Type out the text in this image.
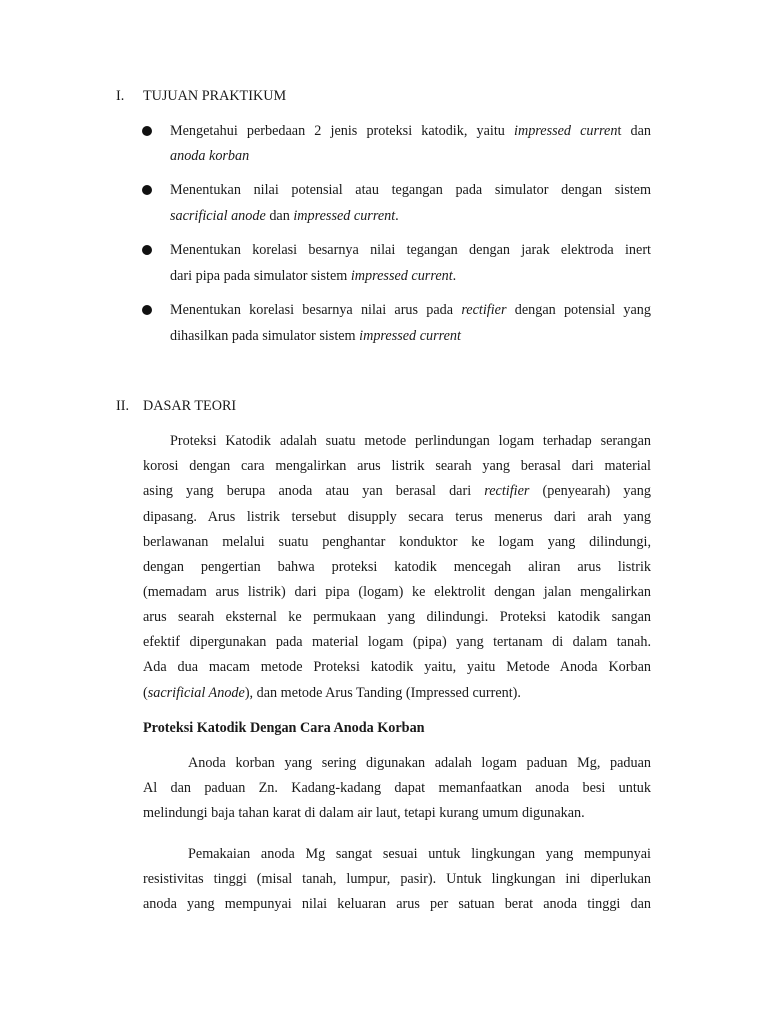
I. TUJUAN PRAKTIKUM
Mengetahui perbedaan 2 jenis proteksi katodik, yaitu impressed current dan
anoda korban
Menentukan nilai potensial atau tegangan pada simulator dengan sistem
sacrificial anode dan impressed current.
Menentukan korelasi besarnya nilai tegangan dengan jarak elektroda inert
dari pipa pada simulator sistem impressed current.
Menentukan korelasi besarnya nilai arus pada rectifier dengan potensial yang
dihasilkan pada simulator sistem impressed current
II. DASAR TEORI
Proteksi Katodik adalah suatu metode perlindungan logam terhadap serangan
korosi dengan cara mengalirkan arus listrik searah yang berasal dari material
asing yang berupa anoda atau yan berasal dari rectifier (penyearah) yang
dipasang. Arus listrik tersebut disupply secara terus menerus dari arah yang
berlawanan melalui suatu penghantar konduktor ke logam yang dilindungi,
dengan pengertian bahwa proteksi katodik mencegah aliran arus listrik
(memadam arus listrik) dari pipa (logam) ke elektrolit dengan jalan mengalirkan
arus searah eksternal ke permukaan yang dilindungi. Proteksi katodik sangan
efektif dipergunakan pada material logam (pipa) yang tertanam di dalam tanah.
Ada dua macam metode Proteksi katodik yaitu, yaitu Metode Anoda Korban
(sacrificial Anode), dan metode Arus Tanding (Impressed current).
Proteksi Katodik Dengan Cara Anoda Korban
Anoda korban yang sering digunakan adalah logam paduan Mg, paduan
Al dan paduan Zn. Kadang-kadang dapat memanfaatkan anoda besi untuk
melindungi baja tahan karat di dalam air laut, tetapi kurang umum digunakan.
Pemakaian anoda Mg sangat sesuai untuk lingkungan yang mempunyai
resistivitas tinggi (misal tanah, lumpur, pasir). Untuk lingkungan ini diperlukan
anoda yang mempunyai nilai keluaran arus per satuan berat anoda tinggi dan
